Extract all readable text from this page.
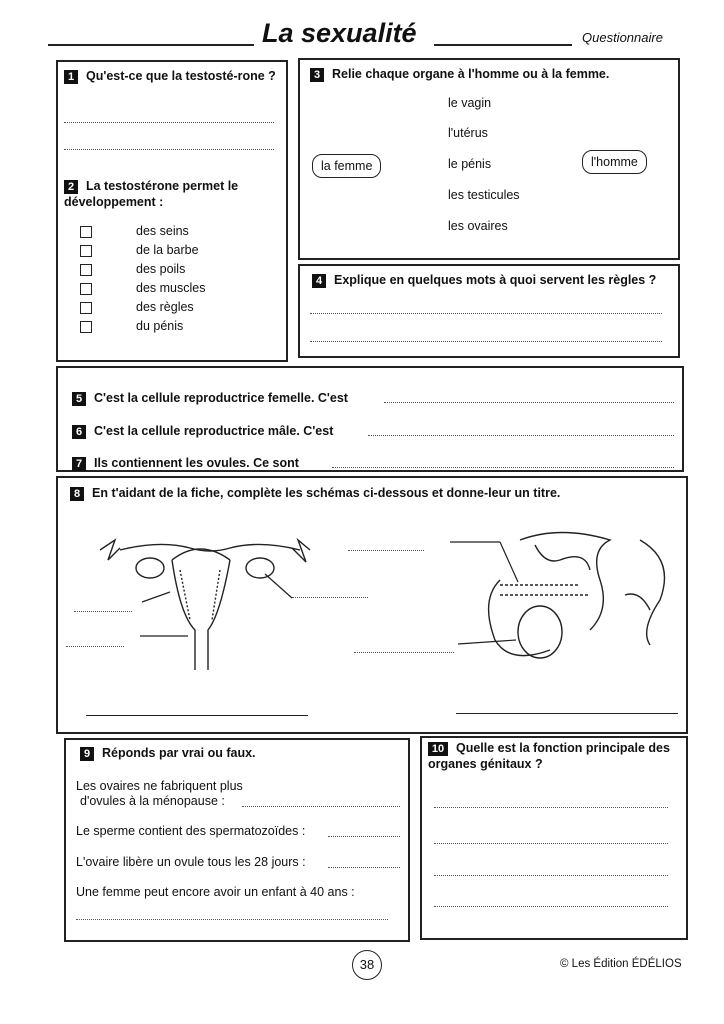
La sexualité	Questionnaire
1 Qu'est-ce que la testosté-rone ?
2 La testostérone permet le développement :
des seins
de la barbe
des poils
des muscles
des règles
du pénis
3 Relie chaque organe à l'homme ou à la femme.
la femme	l'homme
le vagin
l'utérus
le pénis
les testicules
les ovaires
4 Explique en quelques mots à quoi servent les règles ?
5 C'est la cellule reproductrice femelle. C'est
6 C'est la cellule reproductrice mâle. C'est
7 Ils contiennent les ovules. Ce sont
8 En t'aidant de la fiche, complète les schémas ci-dessous et donne-leur un titre.
9 Réponds par vrai ou faux.
Les ovaires ne fabriquent plus
d'ovules à la ménopause :
Le sperme contient des spermatozoïdes :
L'ovaire libère un ovule tous les 28 jours :
Une femme peut encore avoir un enfant à 40 ans :
10 Quelle est la fonction principale des organes génitaux ?
38	© Les Édition ÉDÉLIOS
